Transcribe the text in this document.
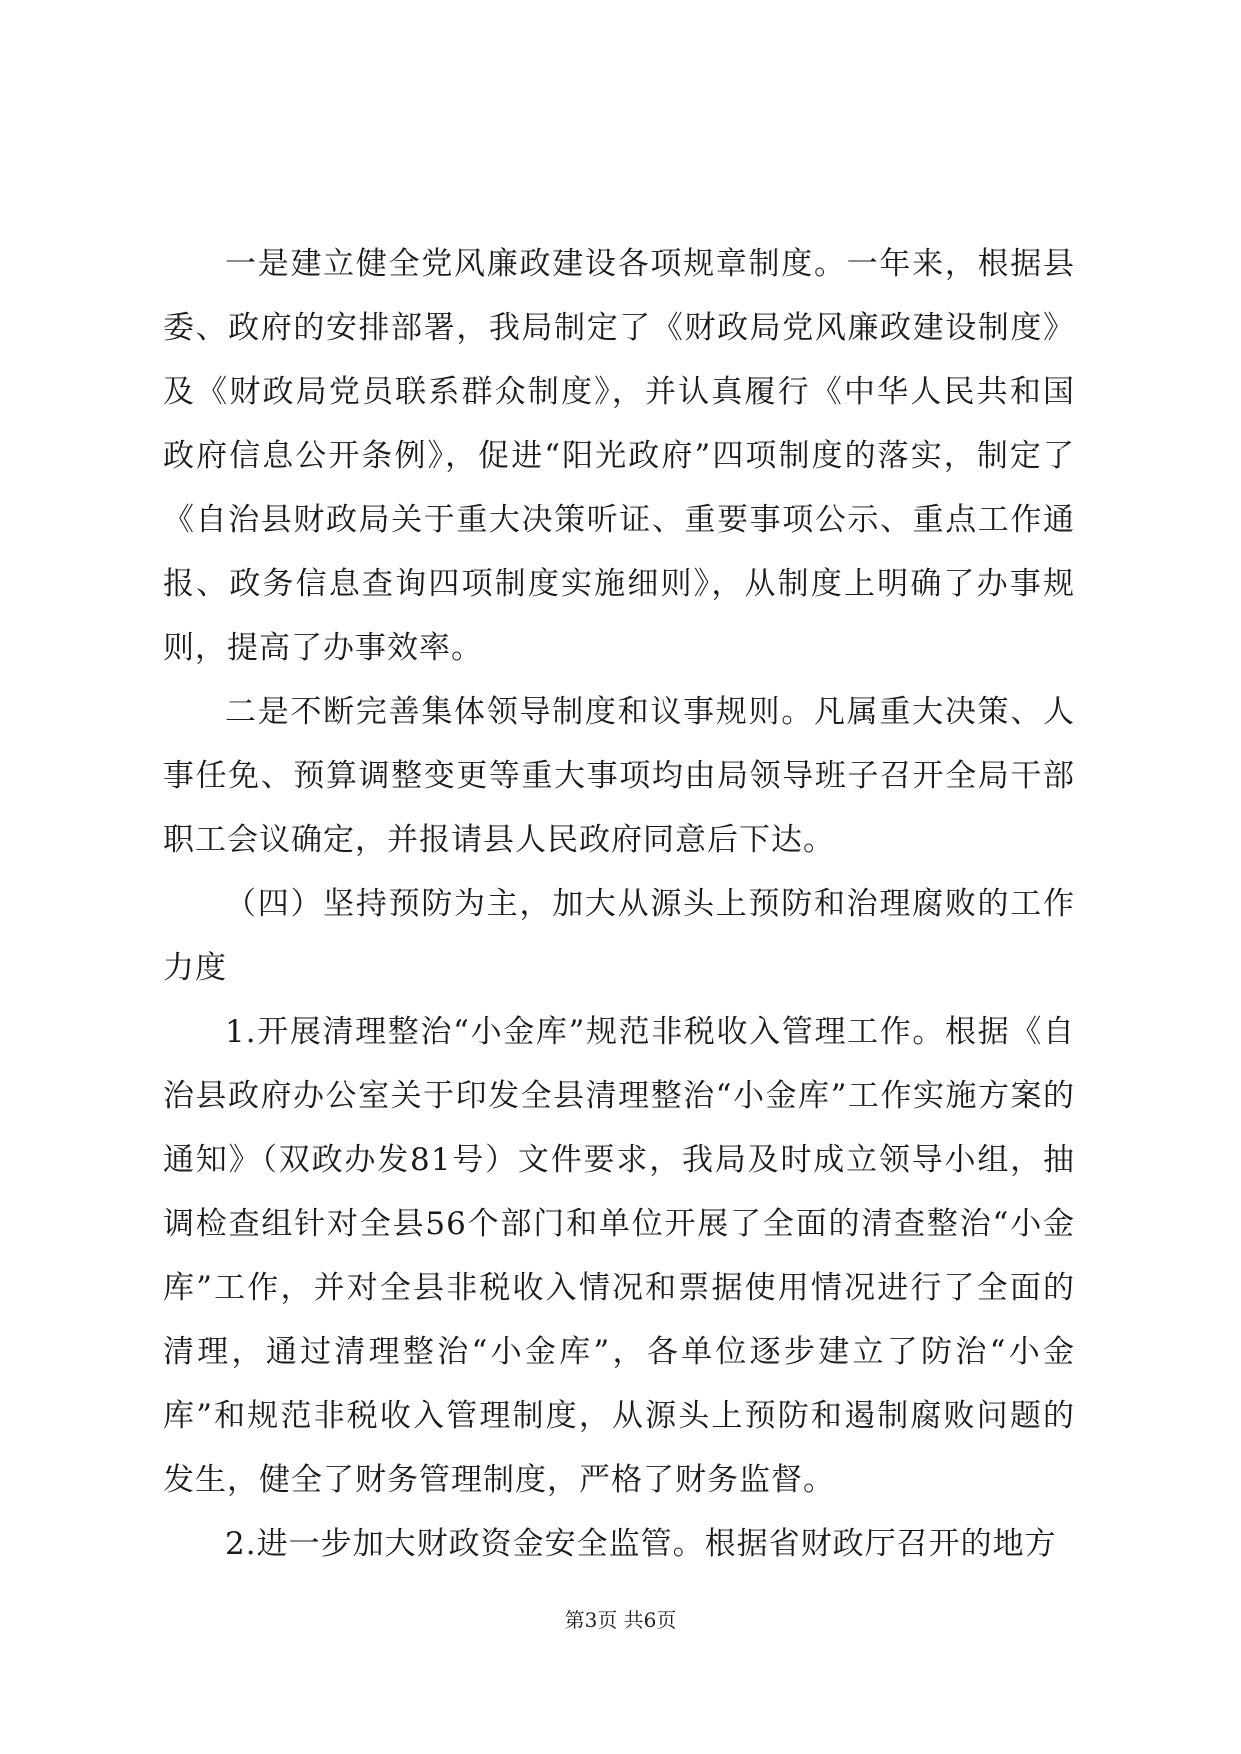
一是建立健全党风廉政建设各项规章制度。一年来，根据县委、政府的安排部署，我局制定了《财政局党风廉政建设制度》及《财政局党员联系群众制度》，并认真履行《中华人民共和国政府信息公开条例》，促进“阳光政府”四项制度的落实，制定了《自治县财政局关于重大决策听证、重要事项公示、重点工作通报、政务信息查询四项制度实施细则》，从制度上明确了办事规则，提高了办事效率。

二是不断完善集体领导制度和议事规则。凡属重大决策、人事任免、预算调整变更等重大事项均由局领导班子召开全局干部职工会议确定，并报请县人民政府同意后下达。

（四）坚持预防为主，加大从源头上预防和治理腐败的工作力度

1.开展清理整治“小金库”规范非税收入管理工作。根据《自治县政府办公室关于印发全县清理整治“小金库”工作实施方案的通知》（双政办发81号）文件要求，我局及时成立领导小组，抽调检查组针对全县56个部门和单位开展了全面的清查整治“小金库”工作，并对全县非税收入情况和票据使用情况进行了全面的清理，通过清理整治“小金库”，各单位逐步建立了防治“小金库”和规范非税收入管理制度，从源头上预防和遏制腐败问题的发生，健全了财务管理制度，严格了财务监督。

2.进一步加大财政资金安全监管。根据省财政厅召开的地方

第3页 共6页
